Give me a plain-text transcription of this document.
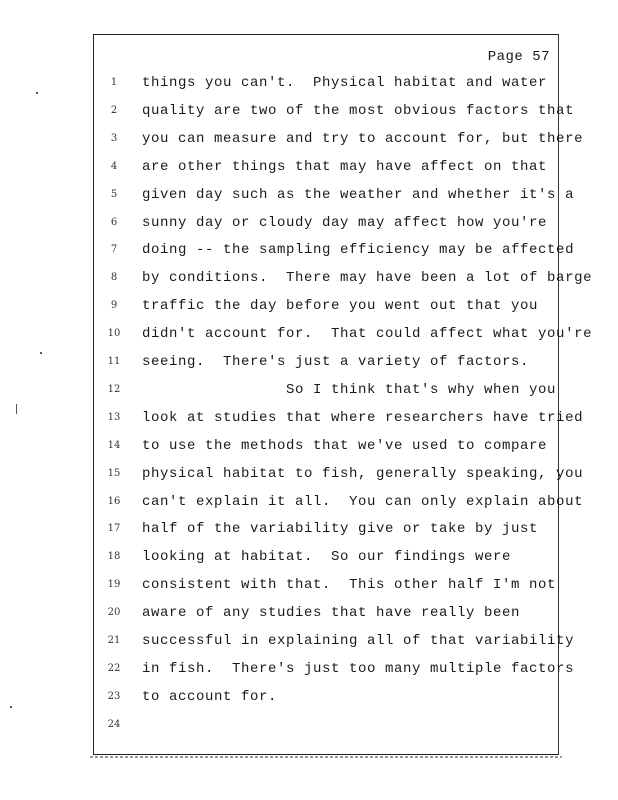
Page 57
1	things you can't.  Physical habitat and water
2	quality are two of the most obvious factors that
3	you can measure and try to account for, but there
4	are other things that may have affect on that
5	given day such as the weather and whether it's a
6	sunny day or cloudy day may affect how you're
7	doing -- the sampling efficiency may be affected
8	by conditions.  There may have been a lot of barge
9	traffic the day before you went out that you
10	didn't account for.  That could affect what you're
11	seeing.  There's just a variety of factors.
12	So I think that's why when you
13	look at studies that where researchers have tried
14	to use the methods that we've used to compare
15	physical habitat to fish, generally speaking, you
16	can't explain it all.  You can only explain about
17	half of the variability give or take by just
18	looking at habitat.  So our findings were
19	consistent with that.  This other half I'm not
20	aware of any studies that have really been
21	successful in explaining all of that variability
22	in fish.  There's just too many multiple factors
23	to account for.
24
